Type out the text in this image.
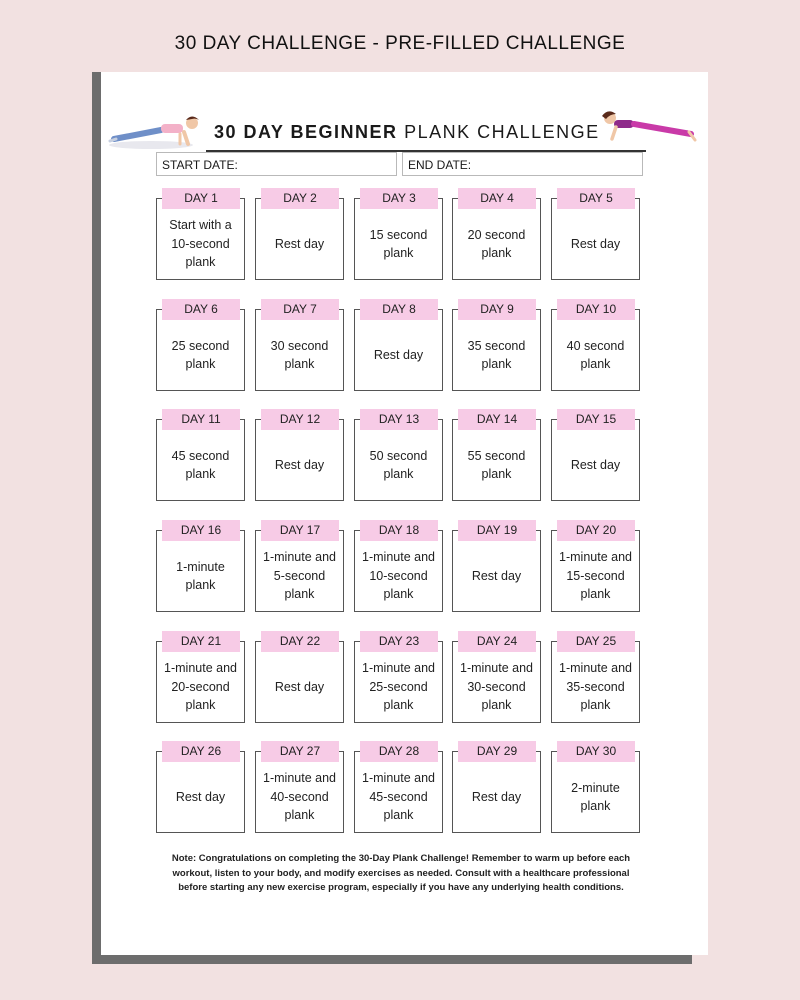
30 DAY CHALLENGE - PRE-FILLED CHALLENGE
30 DAY BEGINNER PLANK CHALLENGE
START DATE:	END DATE:
DAY 1
Start with a 10-second plank
DAY 2
Rest day
DAY 3
15 second plank
DAY 4
20 second plank
DAY 5
Rest day
DAY 6
25 second plank
DAY 7
30 second plank
DAY 8
Rest day
DAY 9
35 second plank
DAY 10
40 second plank
DAY 11
45 second plank
DAY 12
Rest day
DAY 13
50 second plank
DAY 14
55 second plank
DAY 15
Rest day
DAY 16
1-minute plank
DAY 17
1-minute and 5-second plank
DAY 18
1-minute and 10-second plank
DAY 19
Rest day
DAY 20
1-minute and 15-second plank
DAY 21
1-minute and 20-second plank
DAY 22
Rest day
DAY 23
1-minute and 25-second plank
DAY 24
1-minute and 30-second plank
DAY 25
1-minute and 35-second plank
DAY 26
Rest day
DAY 27
1-minute and 40-second plank
DAY 28
1-minute and 45-second plank
DAY 29
Rest day
DAY 30
2-minute plank
Note: Congratulations on completing the 30-Day Plank Challenge! Remember to warm up before each workout, listen to your body, and modify exercises as needed. Consult with a healthcare professional before starting any new exercise program, especially if you have any underlying health conditions.
